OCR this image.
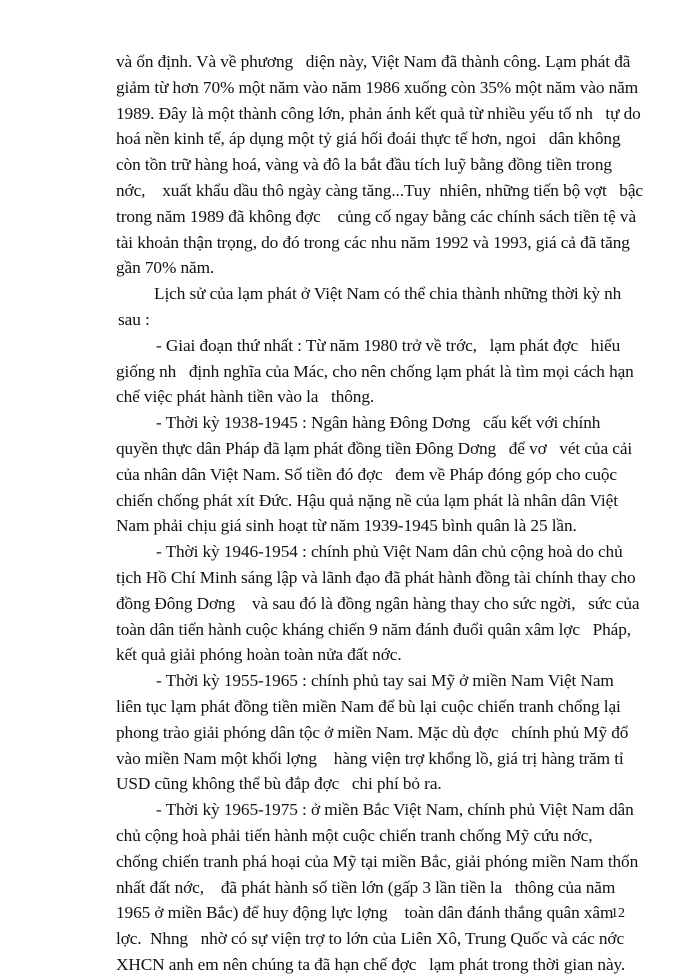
và ổn định. Và về phương   diện này, Việt Nam đã thành công. Lạm phát đã
giảm từ hơn 70% một năm vào năm 1986 xuống còn 35% một năm vào năm
1989. Đây là một thành công lớn, phản ánh kết quả từ nhiều yếu tố nh   tự do
hoá nền kinh tế, áp dụng một tỷ giá hối đoái thực tế hơn, ngoi   dân không
còn tồn trữ hàng hoá, vàng và đô la bắt đầu tích luỹ bằng đồng tiền trong
nớc,    xuất khẩu dầu thô ngày càng tăng...Tuy  nhiên, những tiến bộ vợt   bậc
trong năm 1989 đã không đợc    củng cố ngay bằng các chính sách tiền tệ và
tài khoản thận trọng, do đó trong các nhu năm 1992 và 1993, giá cả đã tăng
gần 70% năm.
Lịch sử của lạm phát ở Việt Nam có thể chia thành những thời kỳ nh
sau :
- Giai đoạn thứ nhất : Từ năm 1980 trở về trớc,   lạm phát đợc   hiểu
giống nh   định nghĩa của Mác, cho nên chống lạm phát là tìm mọi cách hạn
chế việc phát hành tiền vào la   thông.
- Thời kỳ 1938-1945 : Ngân hàng Đông Dơng   cấu kết với chính
quyền thực dân Pháp đã lạm phát đồng tiền Đông Dơng   để vơ   vét của cải
của nhân dân Việt Nam. Số tiền đó đợc   đem về Pháp đóng góp cho cuộc
chiến chống phát xít Đức. Hậu quả nặng nề của lạm phát là nhân dân Việt
Nam phải chịu giá sinh hoạt từ năm 1939-1945 bình quân là 25 lần.
- Thời kỳ 1946-1954 : chính phủ Việt Nam dân chủ cộng hoà do chủ
tịch Hồ Chí Minh sáng lập và lãnh đạo đã phát hành đồng tài chính thay cho
đồng Đông Dơng    và sau đó là đồng ngân hàng thay cho sức ngời,   sức của
toàn dân tiến hành cuộc kháng chiến 9 năm đánh đuổi quân xâm lợc   Pháp,
kết quả giải phóng hoàn toàn nửa đất nớc.
- Thời kỳ 1955-1965 : chính phủ tay sai Mỹ ở miền Nam Việt Nam
liên tục lạm phát đồng tiền miền Nam để bù lại cuộc chiến tranh chống lại
phong trào giải phóng dân tộc ở miền Nam. Mặc dù đợc   chính phủ Mỹ đổ
vào miền Nam một khối lợng    hàng viện trợ khổng lồ, giá trị hàng trăm tỉ
USD cũng không thể bù đắp đợc   chi phí bỏ ra.
- Thời kỳ 1965-1975 : ở miền Bắc Việt Nam, chính phủ Việt Nam dân
chủ cộng hoà phải tiến hành một cuộc chiến tranh chống Mỹ cứu nớc,
chống chiến tranh phá hoại của Mỹ tại miền Bắc, giải phóng miền Nam thốn
nhất đất nớc,    đã phát hành số tiền lớn (gấp 3 lần tiền la   thông của năm
1965 ở miền Bắc) để huy động lực lợng    toàn dân đánh thắng quân xâm
lợc.  Nhng   nhờ có sự viện trợ to lớn của Liên Xô, Trung Quốc và các nớc
XHCN anh em nên chúng ta đã hạn chế đợc   lạm phát trong thời gian này.
12
